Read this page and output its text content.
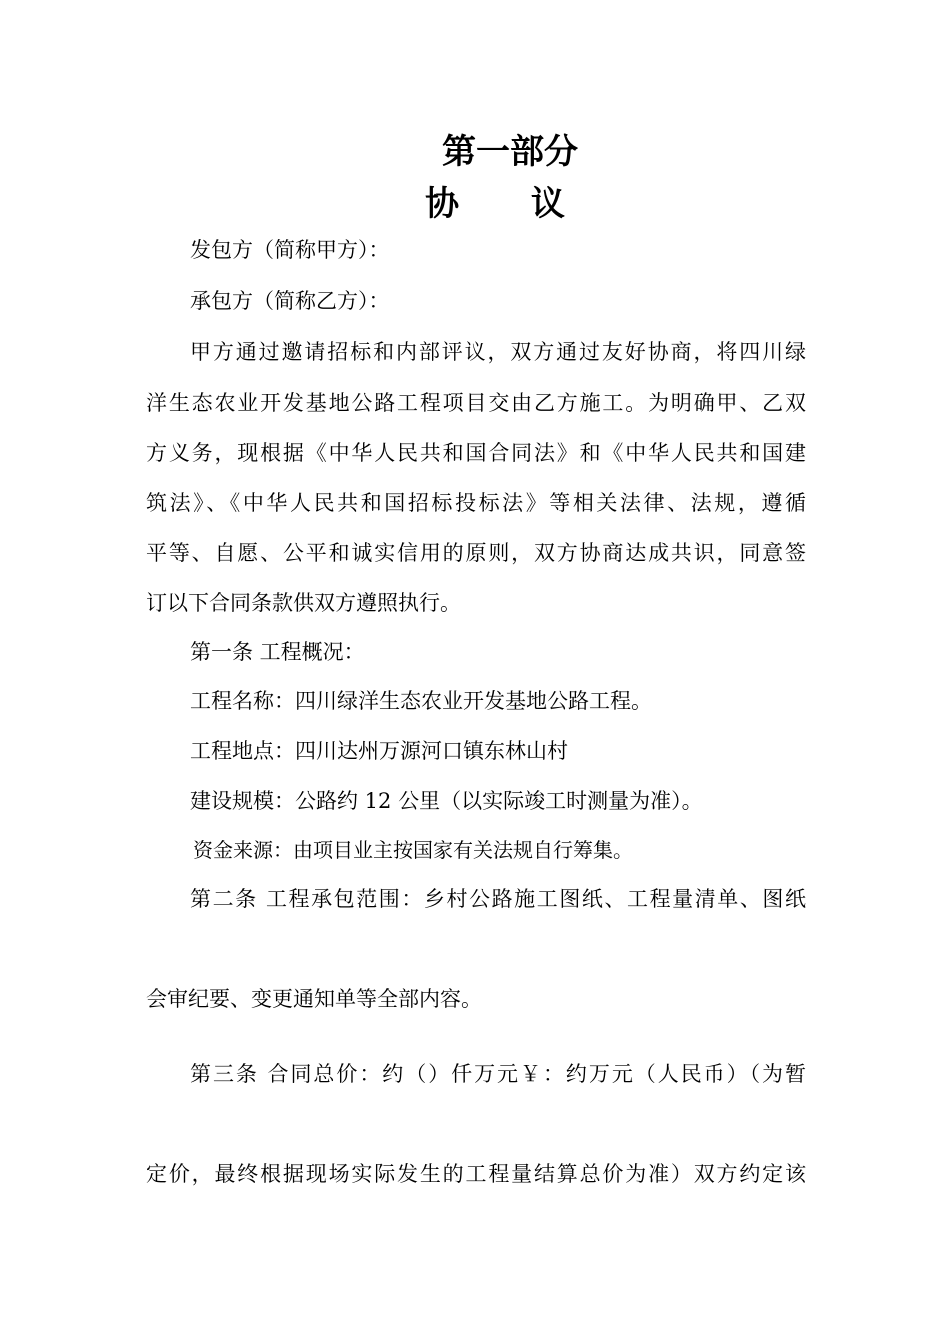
第一部分
协 议

发包方（简称甲方）：

承包方（简称乙方）：

甲方通过邀请招标和内部评议，双方通过友好协商，将四川绿

洋生态农业开发基地公路工程项目交由乙方施工。为明确甲、乙双

方义务，现根据《中华人民共和国合同法》和《中华人民共和国建

筑法》、《中华人民共和国招标投标法》等相关法律、法规，遵循

平等、自愿、公平和诚实信用的原则，双方协商达成共识，同意签

订以下合同条款供双方遵照执行。

第一条 工程概况：

工程名称：四川绿洋生态农业开发基地公路工程。

工程地点：四川达州万源河口镇东林山村

建设规模：公路约 12 公里（以实际竣工时测量为准）。

资金来源：由项目业主按国家有关法规自行筹集。

第二条 工程承包范围：乡村公路施工图纸、工程量清单、图纸

会审纪要、变更通知单等全部内容。

第三条 合同总价：约（）仟万元￥：约万元（人民币）（为暂

定价，最终根据现场实际发生的工程量结算总价为准）双方约定该
